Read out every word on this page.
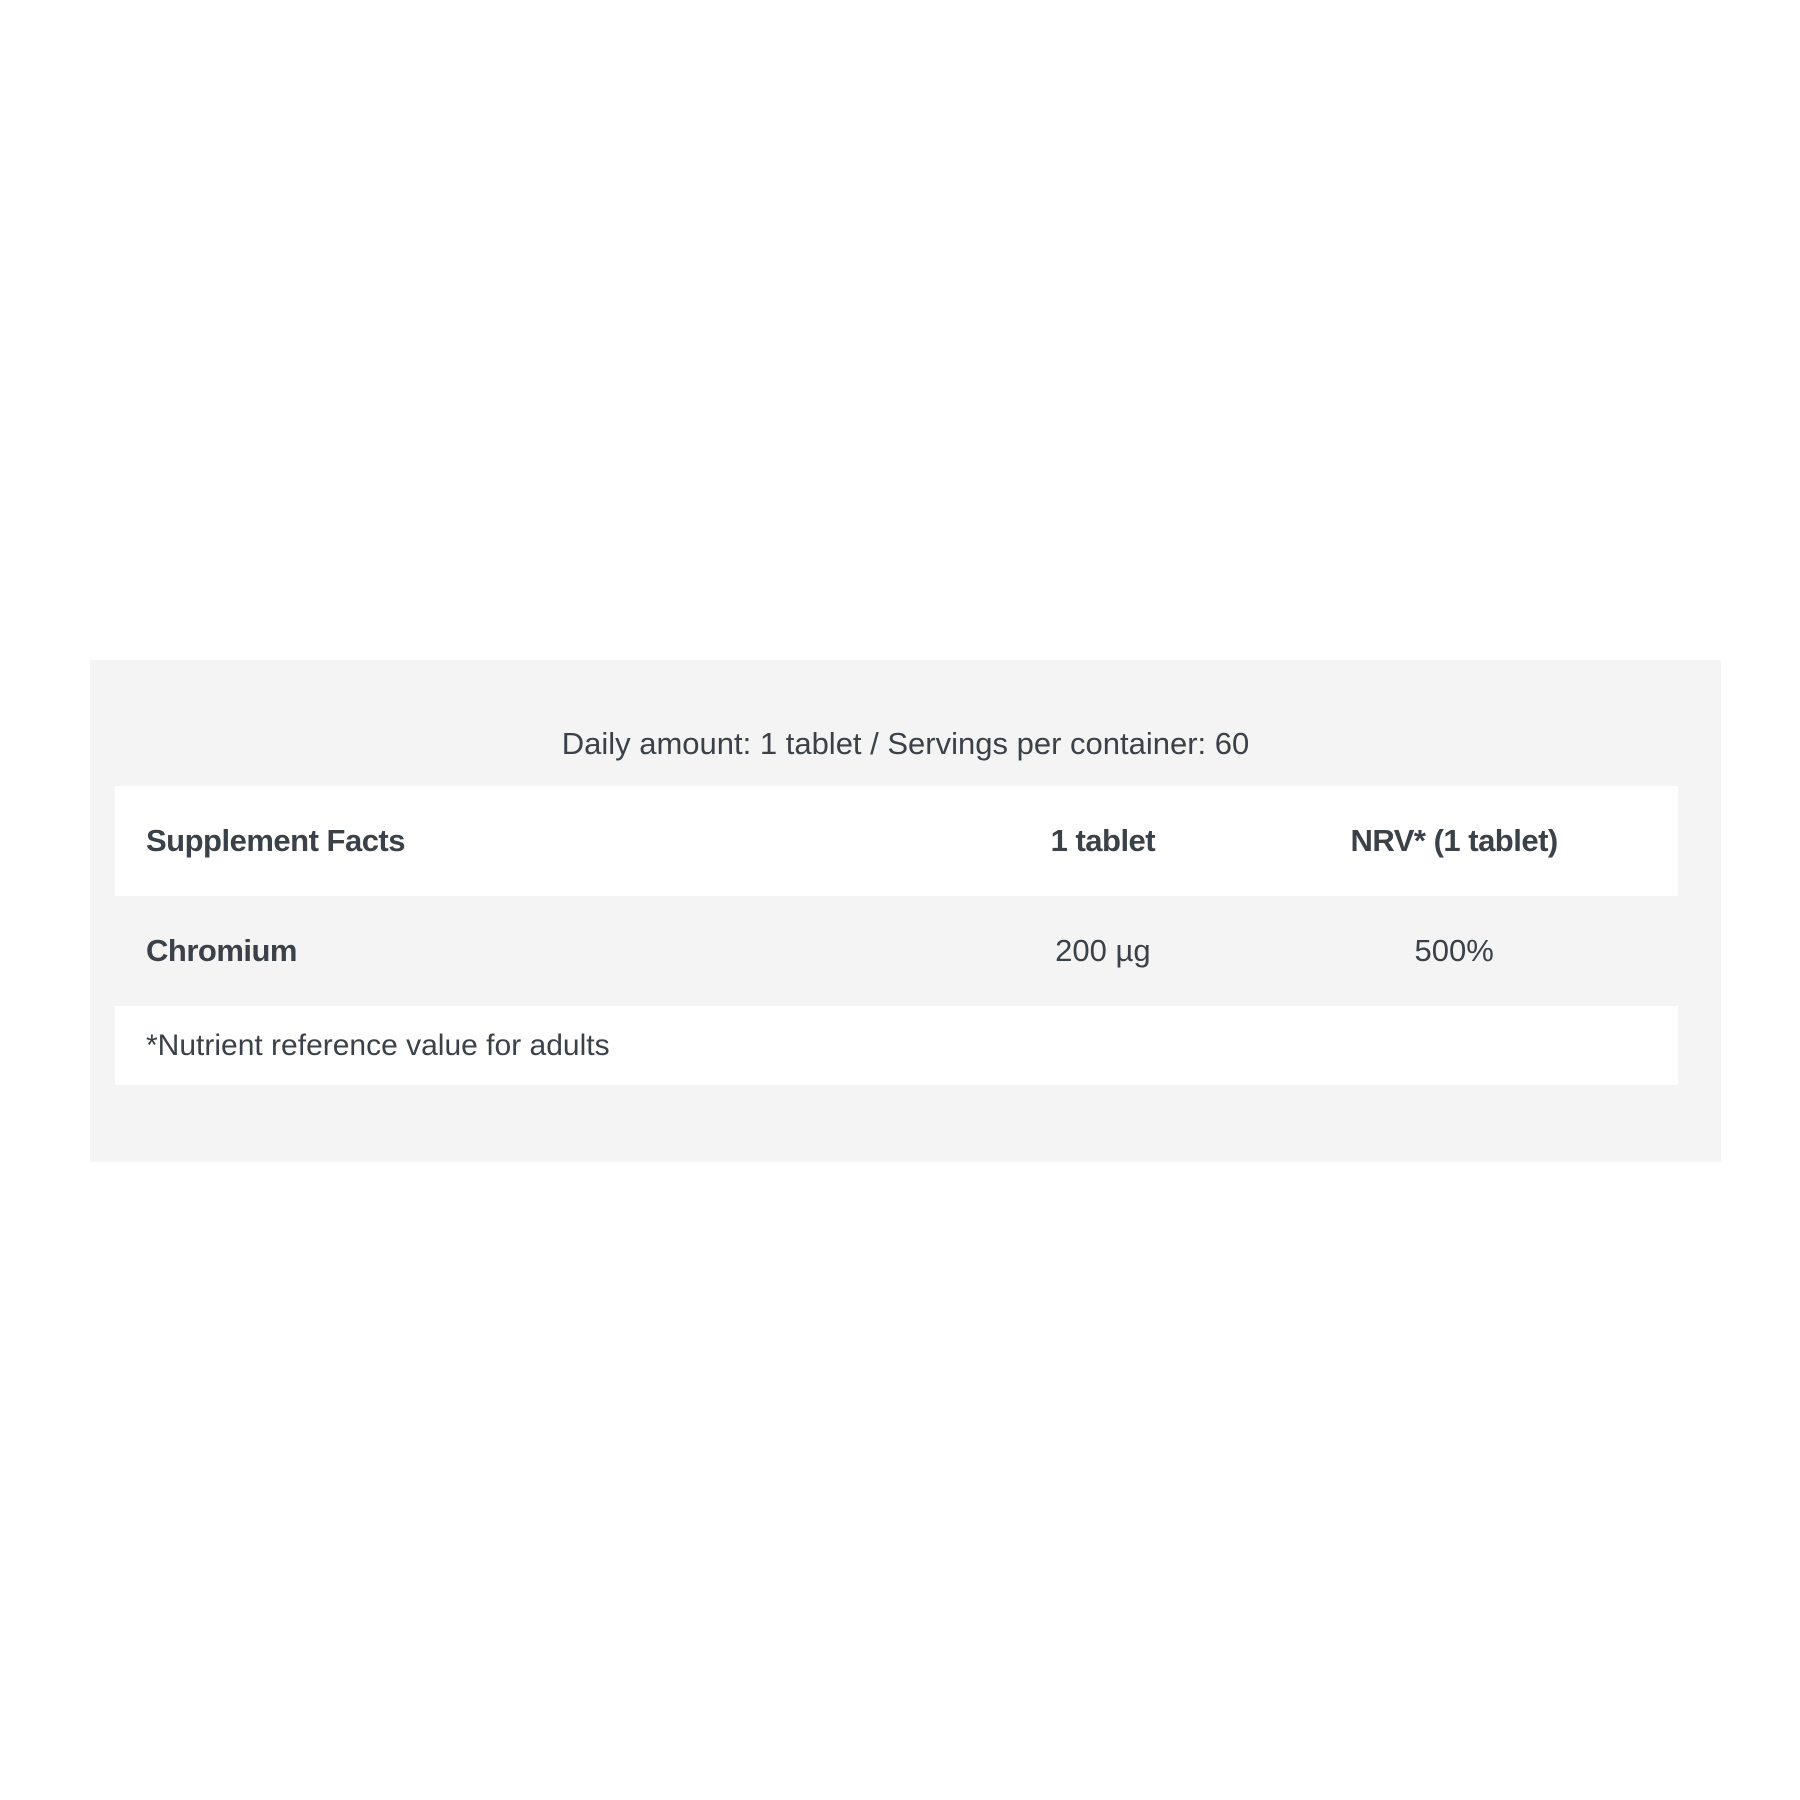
Daily amount: 1 tablet / Servings per container: 60
Supplement Facts	1 tablet	NRV* (1 tablet)
Chromium	200 µg	500%
*Nutrient reference value for adults
